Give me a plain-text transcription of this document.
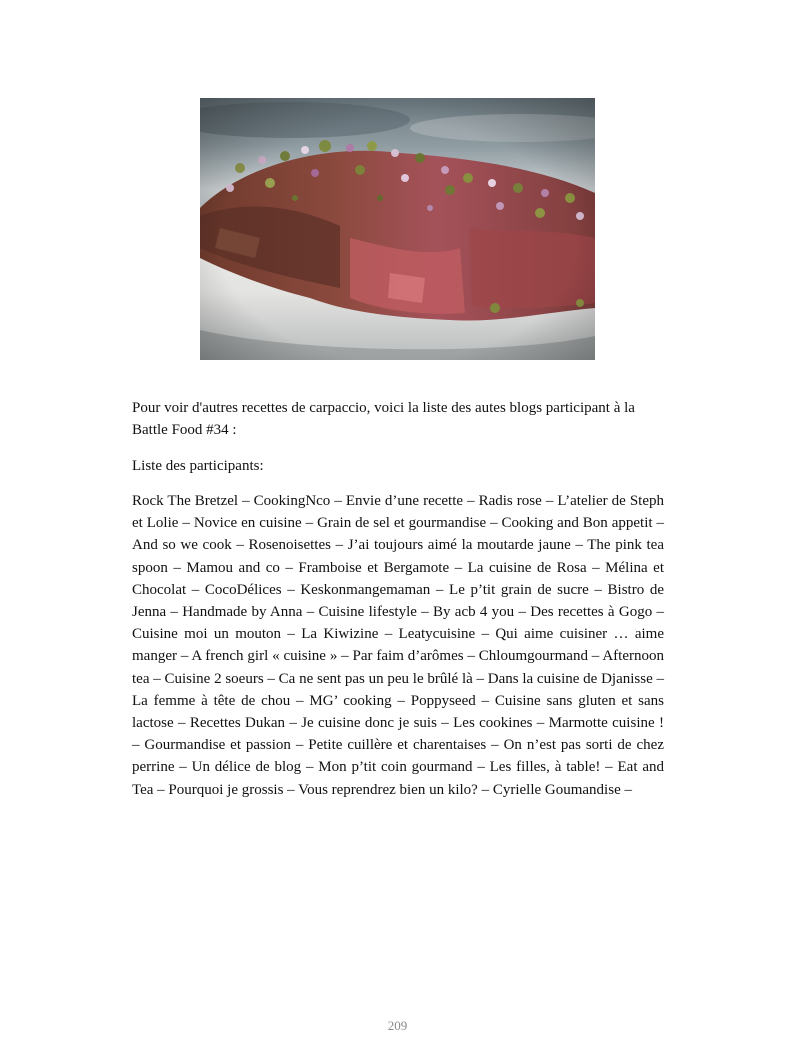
Pour voir d'autres recettes de carpaccio, voici la liste des autes blogs participant à la Battle Food #34 :

Liste des participants:

Rock The Bretzel – CookingNco – Envie d’une recette – Radis rose – L’atelier de Steph et Lolie – Novice en cuisine – Grain de sel et gourmandise – Cooking and Bon appetit – And so we cook – Rosenoisettes – J’ai toujours aimé la moutarde jaune – The pink tea spoon – Mamou and co – Framboise et Bergamote – La cuisine de Rosa – Mélina et Chocolat – CocoDélices – Keskonmangemaman – Le p’tit grain de sucre – Bistro de Jenna – Handmade by Anna – Cuisine lifestyle – By acb 4 you – Des recettes à Gogo – Cuisine moi un mouton – La Kiwizine – Leatycuisine – Qui aime cuisiner … aime manger – A french girl « cuisine » – Par faim d’arômes – Chloumgourmand – Afternoon tea – Cuisine 2 soeurs – Ca ne sent pas un peu le brûlé là – Dans la cuisine de Djanisse – La femme à tête de chou – MG’ cooking – Poppyseed – Cuisine sans gluten et sans lactose – Recettes Dukan – Je cuisine donc je suis – Les cookines – Marmotte cuisine ! – Gourmandise et passion – Petite cuillère et charentaises – On n’est pas sorti de chez perrine – Un délice de blog – Mon p’tit coin gourmand – Les filles, à table! – Eat and Tea – Pourquoi je grossis – Vous reprendrez bien un kilo? – Cyrielle Goumandise –

209
